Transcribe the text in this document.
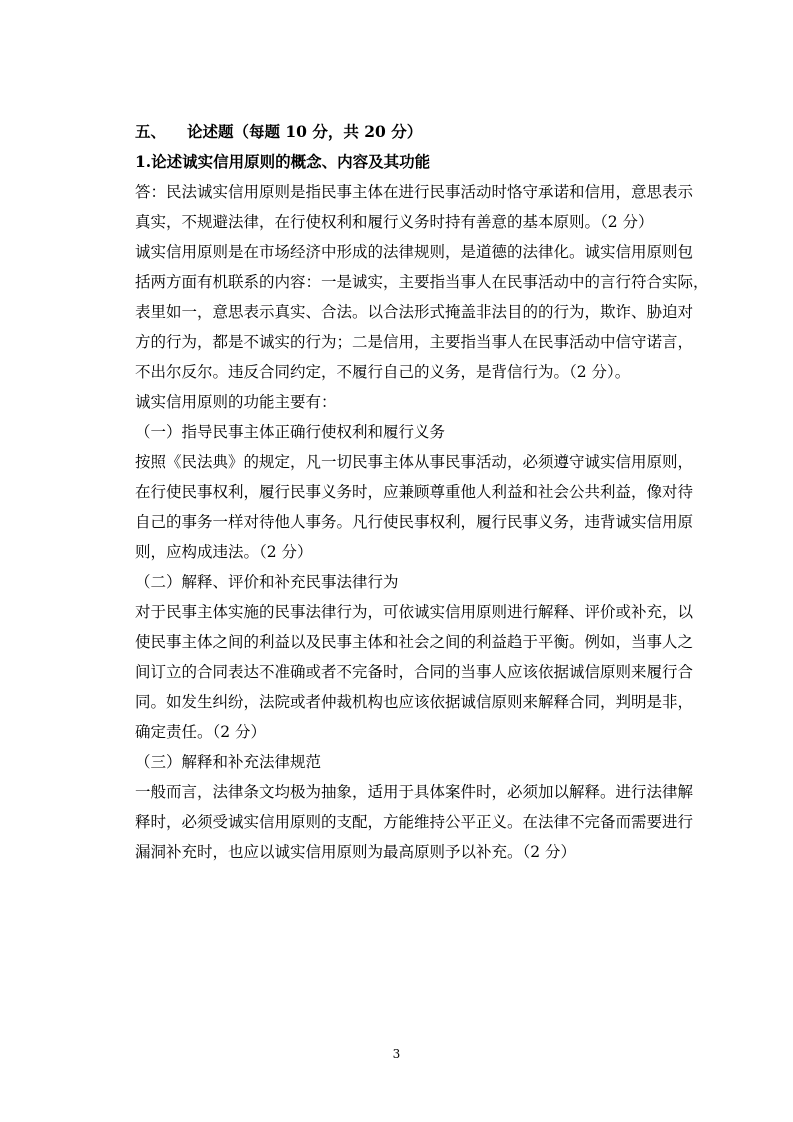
五、	论述题（每题 10 分，共 20 分）
1.论述诚实信用原则的概念、内容及其功能
答：民法诚实信用原则是指民事主体在进行民事活动时恪守承诺和信用，意思表示
真实，不规避法律，在行使权利和履行义务时持有善意的基本原则。（2 分）
诚实信用原则是在市场经济中形成的法律规则，是道德的法律化。诚实信用原则包
括两方面有机联系的内容：一是诚实，主要指当事人在民事活动中的言行符合实际，
表里如一，意思表示真实、合法。以合法形式掩盖非法目的的行为，欺诈、胁迫对
方的行为，都是不诚实的行为；二是信用，主要指当事人在民事活动中信守诺言，
不出尔反尔。违反合同约定，不履行自己的义务，是背信行为。（2 分）。
诚实信用原则的功能主要有：
（一）指导民事主体正确行使权利和履行义务
按照《民法典》的规定，凡一切民事主体从事民事活动，必须遵守诚实信用原则，
在行使民事权利，履行民事义务时，应兼顾尊重他人利益和社会公共利益，像对待
自己的事务一样对待他人事务。凡行使民事权利，履行民事义务，违背诚实信用原
则，应构成违法。（2 分）
（二）解释、评价和补充民事法律行为
对于民事主体实施的民事法律行为，可依诚实信用原则进行解释、评价或补充，以
使民事主体之间的利益以及民事主体和社会之间的利益趋于平衡。例如，当事人之
间订立的合同表达不准确或者不完备时，合同的当事人应该依据诚信原则来履行合
同。如发生纠纷，法院或者仲裁机构也应该依据诚信原则来解释合同，判明是非，
确定责任。（2 分）
（三）解释和补充法律规范
一般而言，法律条文均极为抽象，适用于具体案件时，必须加以解释。进行法律解
释时，必须受诚实信用原则的支配，方能维持公平正义。在法律不完备而需要进行
漏洞补充时，也应以诚实信用原则为最高原则予以补充。（2 分）
3
